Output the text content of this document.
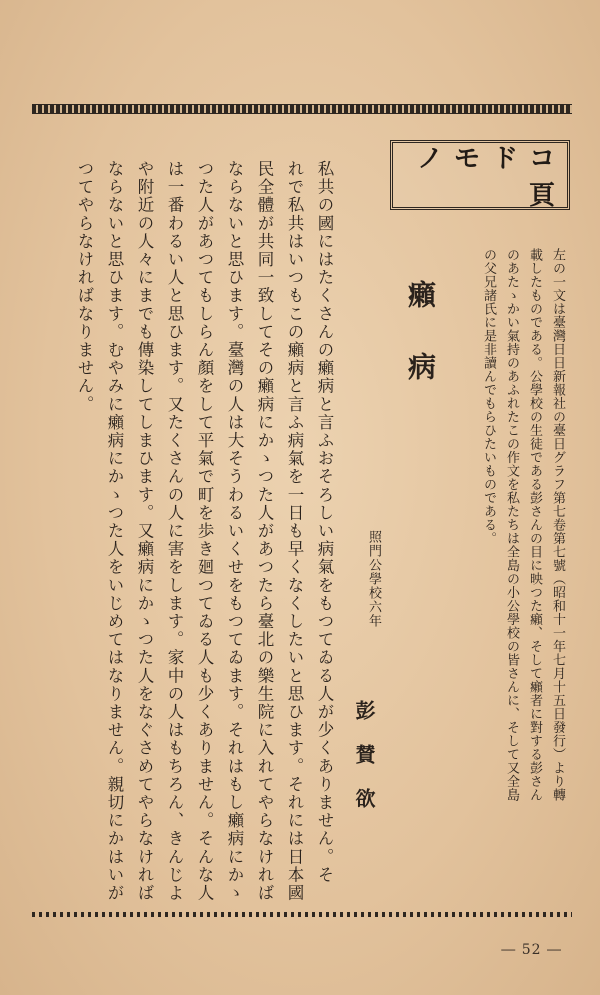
コドモノ頁
左の一文は臺灣日日新報社の臺日グラフ第七卷第七號（昭和十一年七月十五日發行）より轉
載したものである。公學校の生徒である彭さんの目に映つた癩、そして癩者に對する彭さん
のあたゝかい氣持のあふれたこの作文を私たちは全島の小公學校の皆さんに、そして又全島
の父兄諸氏に是非讀んでもらひたいものである。
癩病
照門公學校六年
彭賛欲
私共の國にはたくさんの癩病と言ふおそろしい病氣をもつてゐる人が少くありません。そ
れで私共はいつもこの癩病と言ふ病氣を一日も早くなくしたいと思ひます。それには日本國
民全體が共同一致してその癩病にかゝつた人があつたら臺北の樂生院に入れてやらなければ
ならないと思ひます。臺灣の人は大そうわるいくせをもつてゐます。それはもし癩病にかゝ
つた人があつてもしらん顏をして平氣で町を歩き廻つてゐる人も少くありません。そんな人
は一番わるい人と思ひます。又たくさんの人に害をします。家中の人はもちろん、きんじよ
や附近の人々にまでも傳染してしまひます。又癩病にかゝつた人をなぐさめてやらなければ
ならないと思ひます。むやみに癩病にかゝつた人をいじめてはなりません。親切にかはいが
つてやらなければなりません。
― 52 ―
